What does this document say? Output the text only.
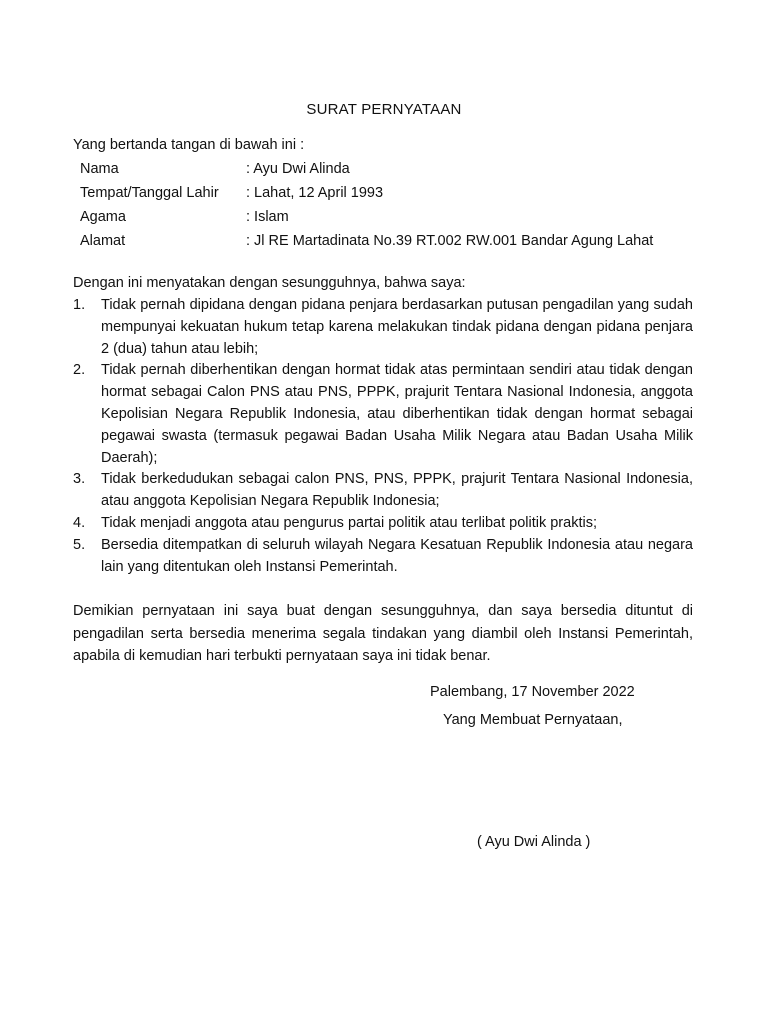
SURAT PERNYATAAN
Yang bertanda tangan di bawah ini :
Nama	: Ayu Dwi Alinda
Tempat/Tanggal Lahir	: Lahat, 12 April 1993
Agama	: Islam
Alamat	: Jl RE Martadinata No.39 RT.002 RW.001 Bandar Agung Lahat
Dengan ini menyatakan dengan sesungguhnya, bahwa saya:
1. Tidak pernah dipidana dengan pidana penjara berdasarkan putusan pengadilan yang sudah mempunyai kekuatan hukum tetap karena melakukan tindak pidana dengan pidana penjara 2 (dua) tahun atau lebih;
2. Tidak pernah diberhentikan dengan hormat tidak atas permintaan sendiri atau tidak dengan hormat sebagai Calon PNS atau PNS, PPPK, prajurit Tentara Nasional Indonesia, anggota Kepolisian Negara Republik Indonesia, atau diberhentikan tidak dengan hormat sebagai pegawai swasta (termasuk pegawai Badan Usaha Milik Negara atau Badan Usaha Milik Daerah);
3. Tidak berkedudukan sebagai calon PNS, PNS, PPPK, prajurit Tentara Nasional Indonesia, atau anggota Kepolisian Negara Republik Indonesia;
4. Tidak menjadi anggota atau pengurus partai politik atau terlibat politik praktis;
5. Bersedia ditempatkan di seluruh wilayah Negara Kesatuan Republik Indonesia atau negara lain yang ditentukan oleh Instansi Pemerintah.
Demikian pernyataan ini saya buat dengan sesungguhnya, dan saya bersedia dituntut di pengadilan serta bersedia menerima segala tindakan yang diambil oleh Instansi Pemerintah, apabila di kemudian hari terbukti pernyataan saya ini tidak benar.
Palembang, 17 November 2022
Yang Membuat Pernyataan,
( Ayu Dwi Alinda )
